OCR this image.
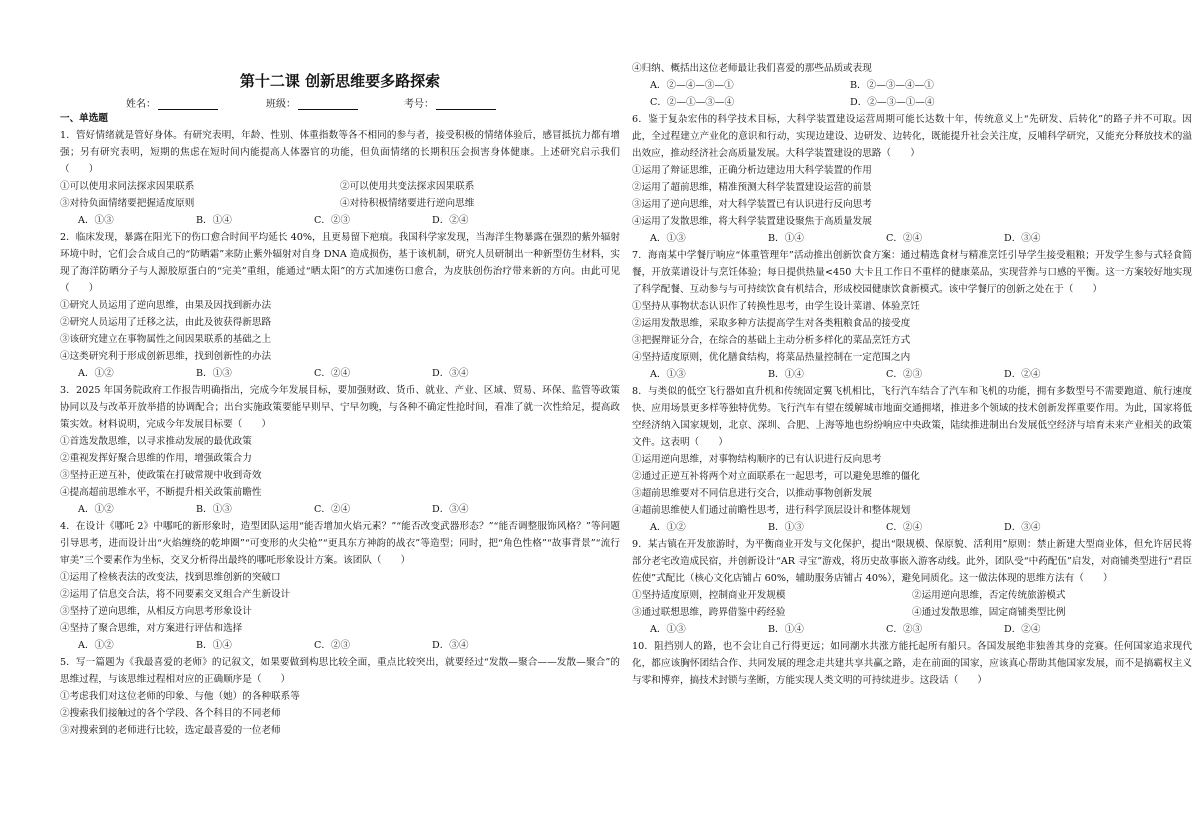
第十二课 创新思维要多路探索
姓名：	班级：	考号：
一、单选题

1．管好情绪就是管好身体。有研究表明，年龄、性别、体重指数等各不相同的参与者，接受积极的情绪体验后，感冒抵抗力都有增强；另有研究表明，短期的焦虑在短时间内能提高人体器官的功能，但负面情绪的长期积压会损害身体健康。上述研究启示我们（　　）

①可以使用求同法探求因果联系	②可以使用共变法探求因果联系
③对待负面情绪要把握适度原则	④对待积极情绪要进行逆向思维
A．①③	B．①④	C．②③	D．②④

2．临床发现，暴露在阳光下的伤口愈合时间平均延长 40%，且更易留下疤痕。我国科学家发现，当海洋生物暴露在强烈的紫外辐射环境中时，它们会合成自己的“防晒霜”来防止紫外辐射对自身 DNA 造成损伤，基于该机制，研究人员研制出一种新型仿生材料，实现了海洋防晒分子与人源胶原蛋白的“完美”重组，能通过“晒太阳”的方式加速伤口愈合，为皮肤创伤治疗带来新的方向。由此可见（　　）

①研究人员运用了逆向思维，由果及因找到新办法

②研究人员运用了迁移之法，由此及彼获得新思路

③该研究建立在事物属性之间因果联系的基础之上

④这类研究利于形成创新思维，找到创新性的办法

A．①②	B．①③	C．②④	D．③④

3．2025 年国务院政府工作报告明确指出，完成今年发展目标，要加强财政、货币、就业、产业、区域、贸易、环保、监管等政策协同以及与改革开放举措的协调配合；出台实施政策要能早则早、宁早勿晚，与各种不确定性抢时间，看准了就一次性给足，提高政策实效。材料说明，完成今年发展目标要（　　）

①首选发散思维，以寻求推动发展的最优政策

②重视发挥好聚合思维的作用，增强政策合力

③坚持正逆互补，使政策在打破常规中收到奇效

④提高超前思维水平，不断提升相关政策前瞻性

A．①②	B．①③	C．②④	D．③④

4．在设计《哪吒 2》中哪吒的新形象时，造型团队运用“能否增加火焰元素？”“能否改变武器形态？”“能否调整服饰风格？”等问题引导思考，进而设计出“火焰缠绕的乾坤圈”“可变形的火尖枪”“更具东方神韵的战衣”等造型；同时，把“角色性格”“故事背景”“流行审美”三个要素作为坐标，交叉分析得出最终的哪吒形象设计方案。该团队（　　）

①运用了检核表法的改变法，找到思维创新的突破口

②运用了信息交合法，将不同要素交叉组合产生新设计

③坚持了逆向思维，从相反方向思考形象设计

④坚持了聚合思维，对方案进行评估和选择

A．①②	B．①④	C．②③	D．③④

5．写一篇题为《我最喜爱的老师》的记叙文，如果要做到构思比较全面，重点比较突出，就要经过“发散—聚合——发散—聚合”的思维过程，与该思维过程相对应的正确顺序是（　　）

①考虑我们对这位老师的印象、与他（她）的各种联系等

②搜索我们接触过的各个学段、各个科目的不同老师

③对搜索到的老师进行比较，选定最喜爱的一位老师

④归纳、概括出这位老师最让我们喜爱的那些品质或表现

A．②—④—③—①	B．②—③—④—①
C．②—①—③—④	D．②—③—①—④

6．鉴于复杂宏伟的科学技术目标，大科学装置建设运营周期可能长达数十年，传统意义上“先研发、后转化”的路子并不可取。因此，全过程建立产业化的意识和行动，实现边建设、边研发、边转化，既能提升社会关注度，反哺科学研究，又能充分释放技术的溢出效应，推动经济社会高质量发展。大科学装置建设的思路（　　）

①运用了辩证思维，正确分析边建边用大科学装置的作用

②运用了超前思维，精准预测大科学装置建设运营的前景

③运用了逆向思维，对大科学装置已有认识进行反向思考

④运用了发散思维，将大科学装置建设聚焦于高质量发展

A．①③	B．①④	C．②④	D．③④

7．海南某中学餐厅响应“体重管理年”活动推出创新饮食方案：通过精选食材与精准烹饪引导学生接受粗粮；开发学生参与式轻食简餐，开放菜谱设计与烹饪体验；每日提供热量<450 大卡且工作日不重样的健康菜品，实现营养与口感的平衡。这一方案较好地实现了科学配餐、互动参与与可持续饮食有机结合，形成校园健康饮食新模式。该中学餐厅的创新之处在于（　　）

①坚持从事物状态认识作了转换性思考，由学生设计菜谱、体验烹饪

②运用发散思维，采取多种方法提高学生对各类粗粮食品的接受度

③把握辩证分合，在综合的基础上主动分析多样化的菜品烹饪方式

④坚持适度原则，优化膳食结构，将菜品热量控制在一定范围之内

A．①③	B．①④	C．②③	D．②④

8．与类似的低空飞行器如直升机和传统固定翼飞机相比，飞行汽车结合了汽车和飞机的功能，拥有多数型号不需要跑道、航行速度快、应用场景更多样等独特优势。飞行汽车有望在缓解城市地面交通拥堵，推进多个领域的技术创新发挥重要作用。为此，国家将低空经济纳入国家规划，北京、深圳、合肥、上海等地也纷纷响应中央政策，陆续推进制出台发展低空经济与培育未来产业相关的政策文件。这表明（　　）

①运用逆向思维，对事物结构顺序的已有认识进行反向思考

②通过正逆互补将两个对立面联系在一起思考，可以避免思维的僵化

③超前思维要对不同信息进行交合，以推动事物创新发展

④超前思维使人们通过前瞻性思考，进行科学顶层设计和整体规划

A．①②	B．①③	C．②④	D．③④

9．某古镇在开发旅游时，为平衡商业开发与文化保护，提出“限规模、保原貌、活利用”原则：禁止新建大型商业体，但允许居民将部分老宅改造成民宿，并创新设计“AR 寻宝”游戏，将历史故事嵌入游客动线。此外，团队受“中药配伍”启发，对商铺类型进行“君臣佐使”式配比（核心文化店铺占 60%，辅助服务店铺占 40%），避免同质化。这一做法体现的思维方法有（　　）

①坚持适度原则，控制商业开发规模	②运用逆向思维，否定传统旅游模式
③通过联想思维，跨界借鉴中药经验	④通过发散思维，固定商铺类型比例
A．①③	B．①④	C．②③	D．②④

10．阻挡别人的路，也不会让自己行得更远；如同潮水共涨方能托起所有船只。各国发展绝非独善其身的竞赛。任何国家追求现代化，都应该胸怀团结合作、共同发展的理念走共建共享共赢之路，走在前面的国家，应该真心帮助其他国家发展，而不是搞霸权主义与零和博弈，搞技术封锁与垄断，方能实现人类文明的可持续进步。这段话（　　）
